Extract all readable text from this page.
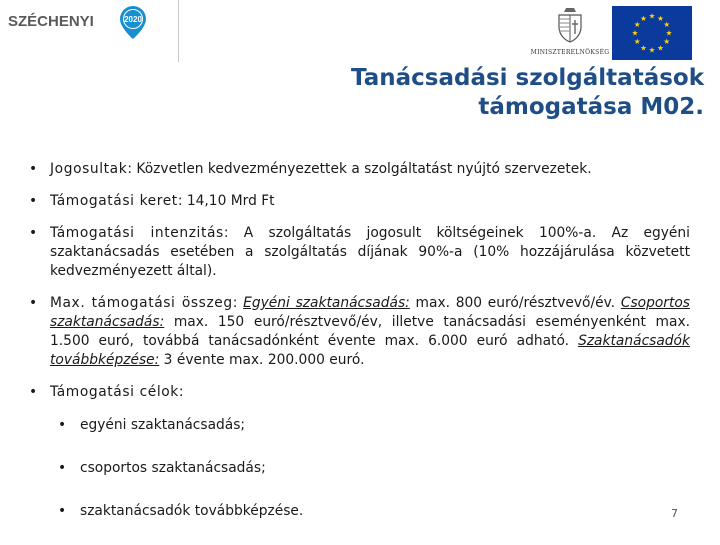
SZÉCHENYI	2020
MINISZTERELNÖKSÉG
★ ★
★
★
★
★
★
★
★
★
★
★
Tanácsadási szolgáltatások
támogatása M02.
• Jogosultak: Közvetlen kedvezményezettek a szolgáltatást nyújtó szervezetek.
• Támogatási keret: 14,10 Mrd Ft
• Támogatási intenzitás: A szolgáltatás jogosult költségeinek 100%-a. Az egyéni szaktanácsadás esetében a szolgáltatás díjának 90%-a (10% hozzájárulása közvetett kedvezményezett által).
• Max. támogatási összeg: Egyéni szaktanácsadás: max. 800 euró/résztvevő/év. Csoportos szaktanácsadás: max. 150 euró/résztvevő/év, illetve tanácsadási eseményenként max. 1.500 euró, továbbá tanácsadónként évente max. 6.000 euró adható. Szaktanácsadók továbbképzése: 3 évente max. 200.000 euró.
• Támogatási célok:
• egyéni szaktanácsadás;
• csoportos szaktanácsadás;
• szaktanácsadók továbbképzése.	7
